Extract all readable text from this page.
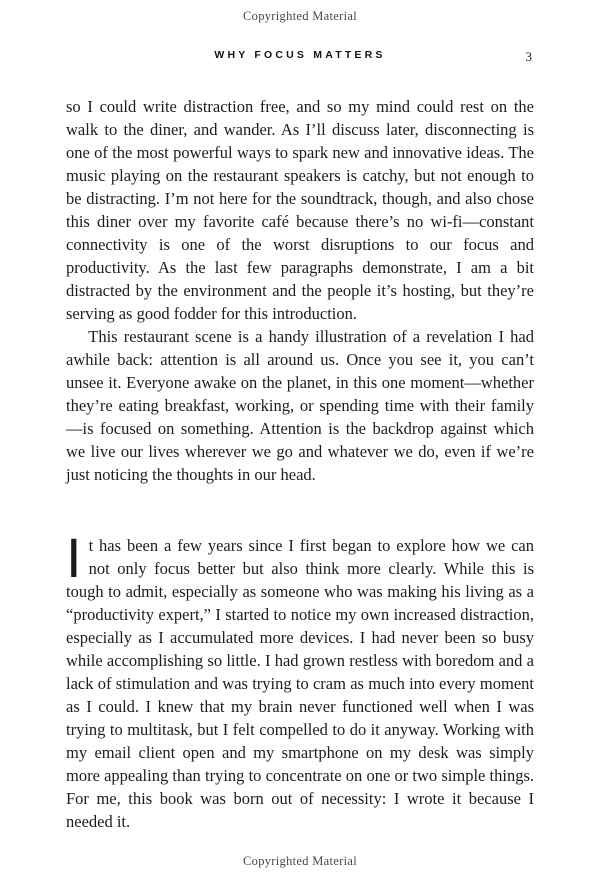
Copyrighted Material
WHY FOCUS MATTERS	3

so I could write distraction free, and so my mind could rest on the walk to the diner, and wander. As I’ll discuss later, disconnecting is one of the most powerful ways to spark new and innovative ideas. The music playing on the restaurant speakers is catchy, but not enough to be distracting. I’m not here for the soundtrack, though, and also chose this diner over my favorite café because there’s no wi-fi—constant connectivity is one of the worst disruptions to our focus and productivity. As the last few paragraphs demonstrate, I am a bit distracted by the environment and the people it’s hosting, but they’re serving as good fodder for this introduction.

This restaurant scene is a handy illustration of a revelation I had awhile back: attention is all around us. Once you see it, you can’t unsee it. Everyone awake on the planet, in this one moment—whether they’re eating breakfast, working, or spending time with their family—is focused on something. Attention is the backdrop against which we live our lives wherever we go and whatever we do, even if we’re just noticing the thoughts in our head.

It has been a few years since I first began to explore how we can not only focus better but also think more clearly. While this is tough to admit, especially as someone who was making his living as a “productivity expert,” I started to notice my own increased distraction, especially as I accumulated more devices. I had never been so busy while accomplishing so little. I had grown restless with boredom and a lack of stimulation and was trying to cram as much into every moment as I could. I knew that my brain never functioned well when I was trying to multitask, but I felt compelled to do it anyway. Working with my email client open and my smartphone on my desk was simply more appealing than trying to concentrate on one or two simple things. For me, this book was born out of necessity: I wrote it because I needed it.

Copyrighted Material
